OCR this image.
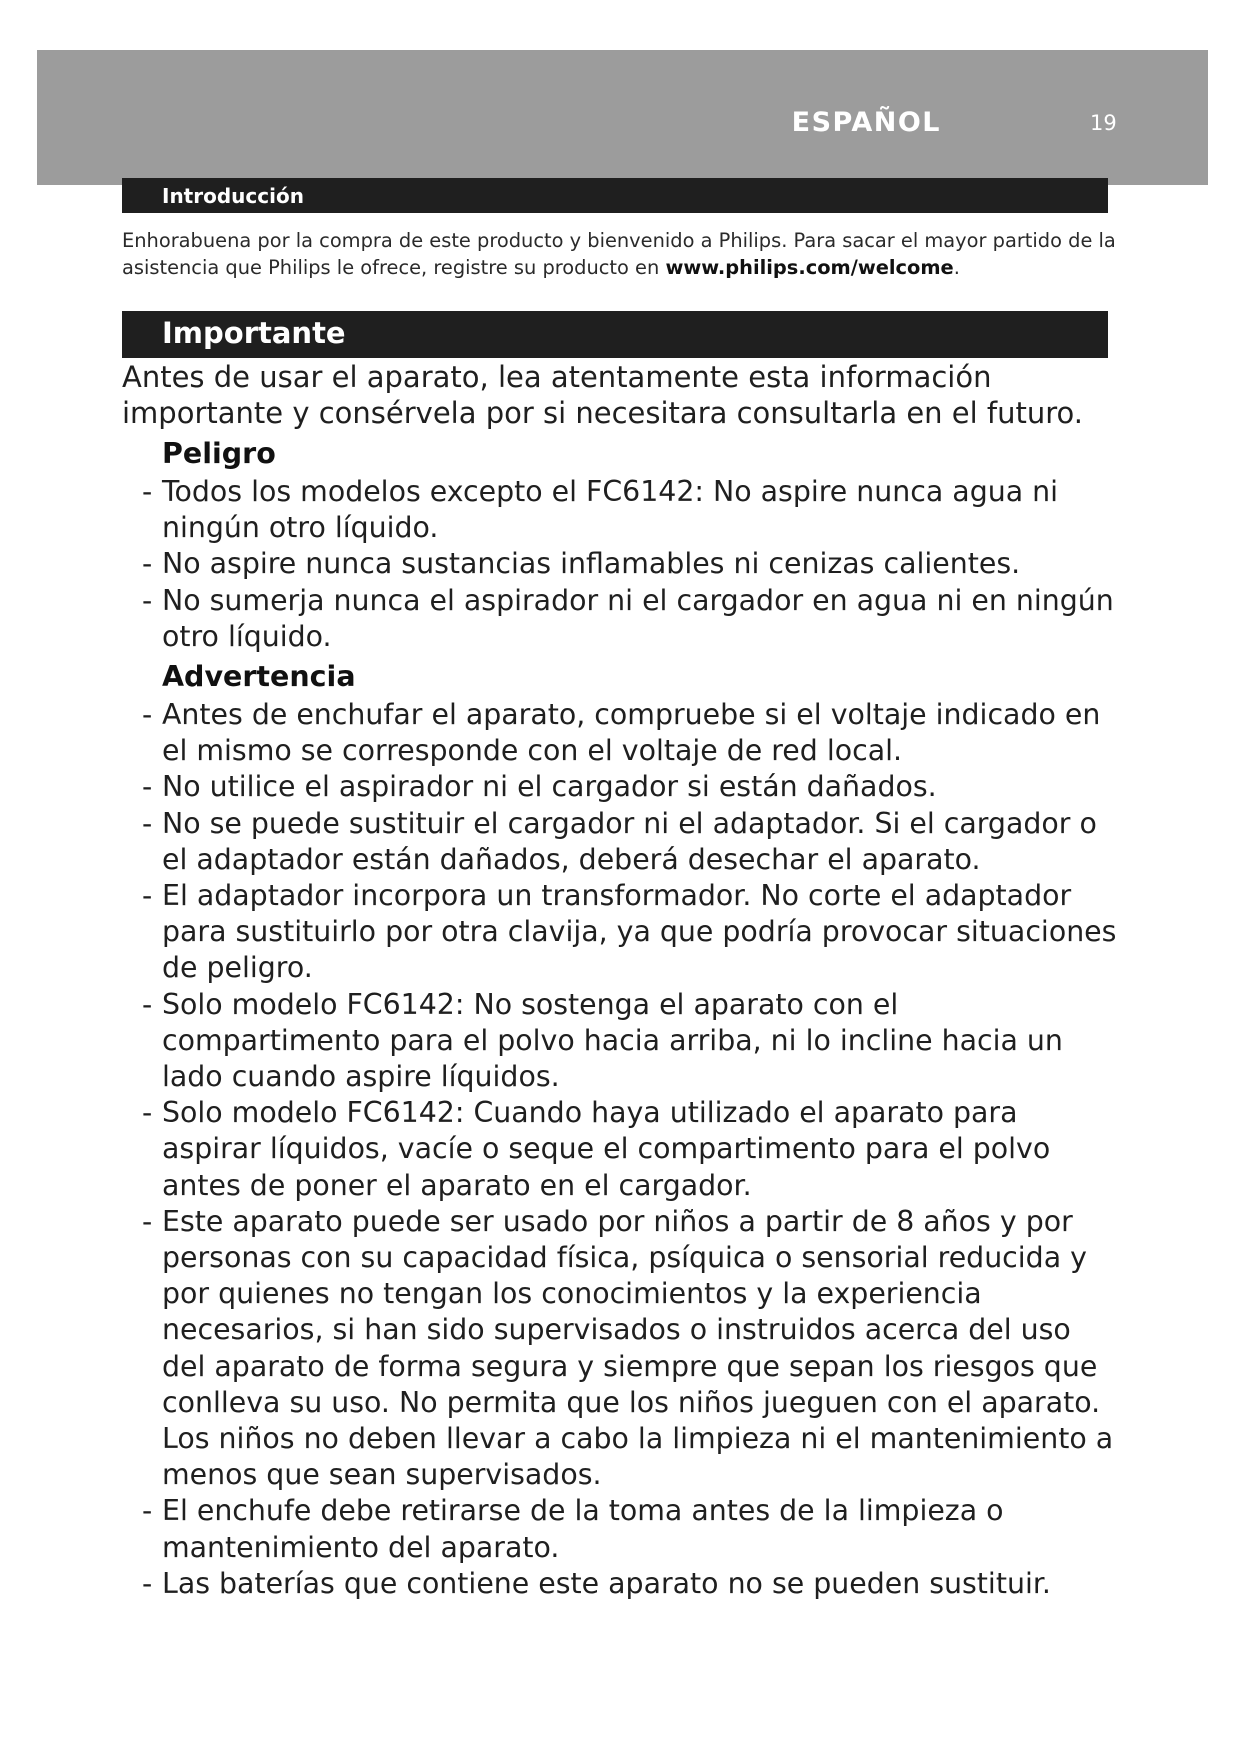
ESPAÑOL	19
Introducción
Enhorabuena por la compra de este producto y bienvenido a Philips. Para sacar el mayor partido de la asistencia que Philips le ofrece, registre su producto en www.philips.com/welcome.
Importante
Antes de usar el aparato, lea atentamente esta información importante y consérvela por si necesitara consultarla en el futuro.
Peligro
- Todos los modelos excepto el FC6142: No aspire nunca agua ni ningún otro líquido.
- No aspire nunca sustancias inflamables ni cenizas calientes.
- No sumerja nunca el aspirador ni el cargador en agua ni en ningún otro líquido.
Advertencia
- Antes de enchufar el aparato, compruebe si el voltaje indicado en el mismo se corresponde con el voltaje de red local.
- No utilice el aspirador ni el cargador si están dañados.
- No se puede sustituir el cargador ni el adaptador. Si el cargador o el adaptador están dañados, deberá desechar el aparato.
- El adaptador incorpora un transformador. No corte el adaptador para sustituirlo por otra clavija, ya que podría provocar situaciones de peligro.
- Solo modelo FC6142: No sostenga el aparato con el compartimento para el polvo hacia arriba, ni lo incline hacia un lado cuando aspire líquidos.
- Solo modelo FC6142: Cuando haya utilizado el aparato para aspirar líquidos, vacíe o seque el compartimento para el polvo antes de poner el aparato en el cargador.
- Este aparato puede ser usado por niños a partir de 8 años y por personas con su capacidad física, psíquica o sensorial reducida y por quienes no tengan los conocimientos y la experiencia necesarios, si han sido supervisados o instruidos acerca del uso del aparato de forma segura y siempre que sepan los riesgos que conlleva su uso. No permita que los niños jueguen con el aparato. Los niños no deben llevar a cabo la limpieza ni el mantenimiento a menos que sean supervisados.
- El enchufe debe retirarse de la toma antes de la limpieza o mantenimiento del aparato.
- Las baterías que contiene este aparato no se pueden sustituir.
